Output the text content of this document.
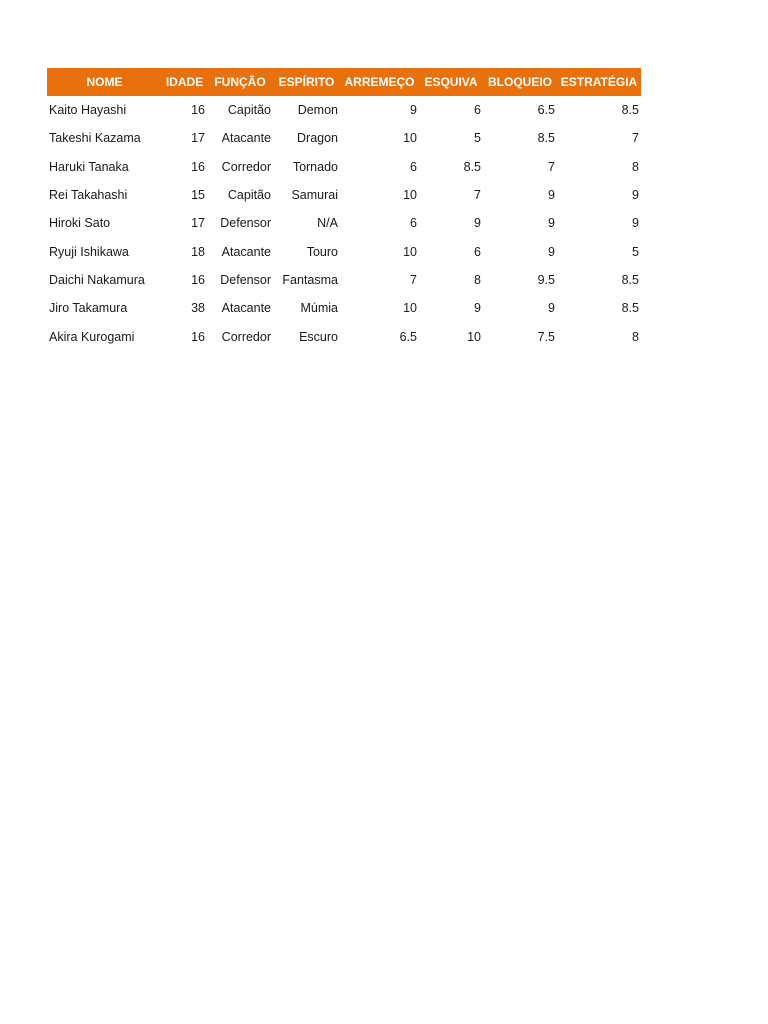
NOME	IDADE	FUNÇÃO	ESPÍRITO	ARREMEÇO	ESQUIVA	BLOQUEIO	ESTRATÉGIA
Kaito Hayashi	16	Capitão	Demon	9	6	6.5	8.5
Takeshi Kazama	17	Atacante	Dragon	10	5	8.5	7
Haruki Tanaka	16	Corredor	Tornado	6	8.5	7	8
Rei Takahashi	15	Capitão	Samurai	10	7	9	9
Hiroki Sato	17	Defensor	N/A	6	9	9	9
Ryuji Ishikawa	18	Atacante	Touro	10	6	9	5
Daichi Nakamura	16	Defensor	Fantasma	7	8	9.5	8.5
Jiro Takamura	38	Atacante	Múmia	10	9	9	8.5
Akira Kurogami	16	Corredor	Escuro	6.5	10	7.5	8
